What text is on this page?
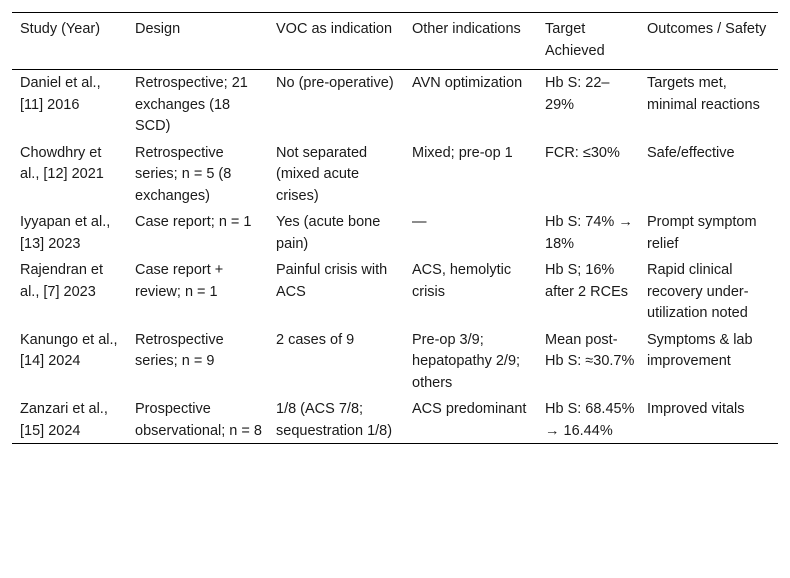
Study (Year)	Design	VOC as indication	Other indications	Target Achieved	Outcomes / Safety
Daniel et al., [11] 2016	Retrospective; 21 exchanges (18 SCD)	No (pre-operative)	AVN optimization	Hb S: 22–29%	Targets met, minimal reactions
Chowdhry et al., [12] 2021	Retrospective series; n = 5 (8 exchanges)	Not separated (mixed acute crises)	Mixed; pre-op 1	FCR: ≤30%	Safe/effective
Iyyapan et al., [13] 2023	Case report; n = 1	Yes (acute bone pain)	—	Hb S: 74% → 18%	Prompt symptom relief
Rajendran et al., [7] 2023	Case report + review; n = 1	Painful crisis with ACS	ACS, hemolytic crisis	Hb S; 16% after 2 RCEs	Rapid clinical recovery under-utilization noted
Kanungo et al., [14] 2024	Retrospective series; n = 9	2 cases of 9	Pre-op 3/9; hepatopathy 2/9; others	Mean post-Hb S: ≈30.7%	Symptoms & lab improvement
Zanzari et al., [15] 2024	Prospective observational; n = 8	1/8 (ACS 7/8; sequestration 1/8)	ACS predominant	Hb S: 68.45% → 16.44%	Improved vitals
